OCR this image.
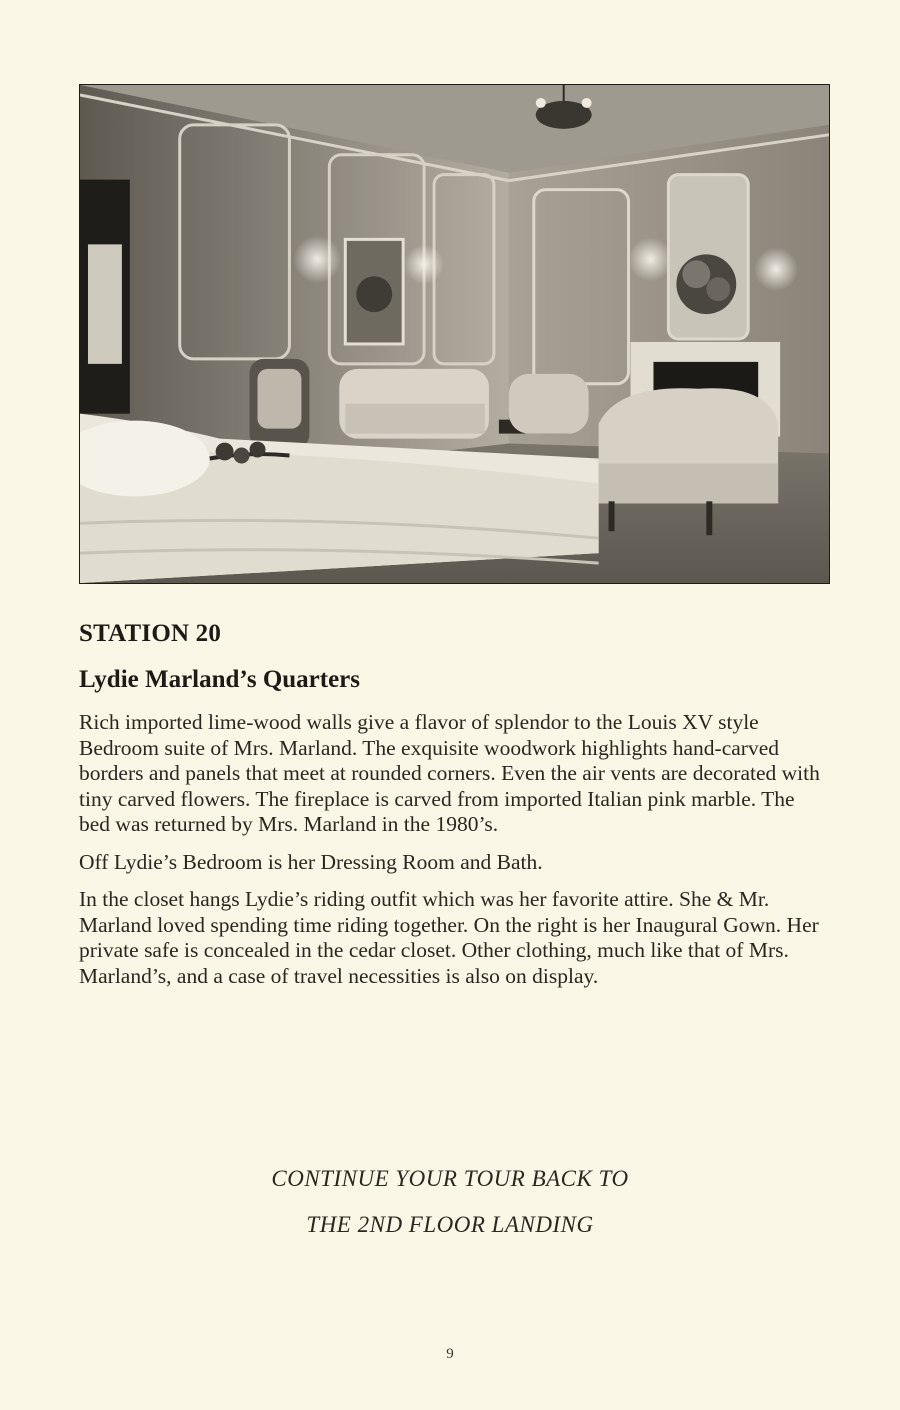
STATION 20
Lydie Marland’s Quarters

Rich imported lime-wood walls give a flavor of splendor to the Louis XV style Bedroom suite of Mrs. Marland. The exquisite woodwork highlights hand-carved borders and panels that meet at rounded corners. Even the air vents are decorated with tiny carved flowers. The fireplace is carved from imported Italian pink marble. The bed was returned by Mrs. Marland in the 1980’s.

Off Lydie’s Bedroom is her Dressing Room and Bath.

In the closet hangs Lydie’s riding outfit which was her favorite attire. She & Mr. Marland loved spending time riding together. On the right is her Inaugural Gown. Her private safe is concealed in the cedar closet. Other clothing, much like that of Mrs. Marland’s, and a case of travel necessities is also on display.

CONTINUE YOUR TOUR BACK TO
THE 2ND FLOOR LANDING
9
